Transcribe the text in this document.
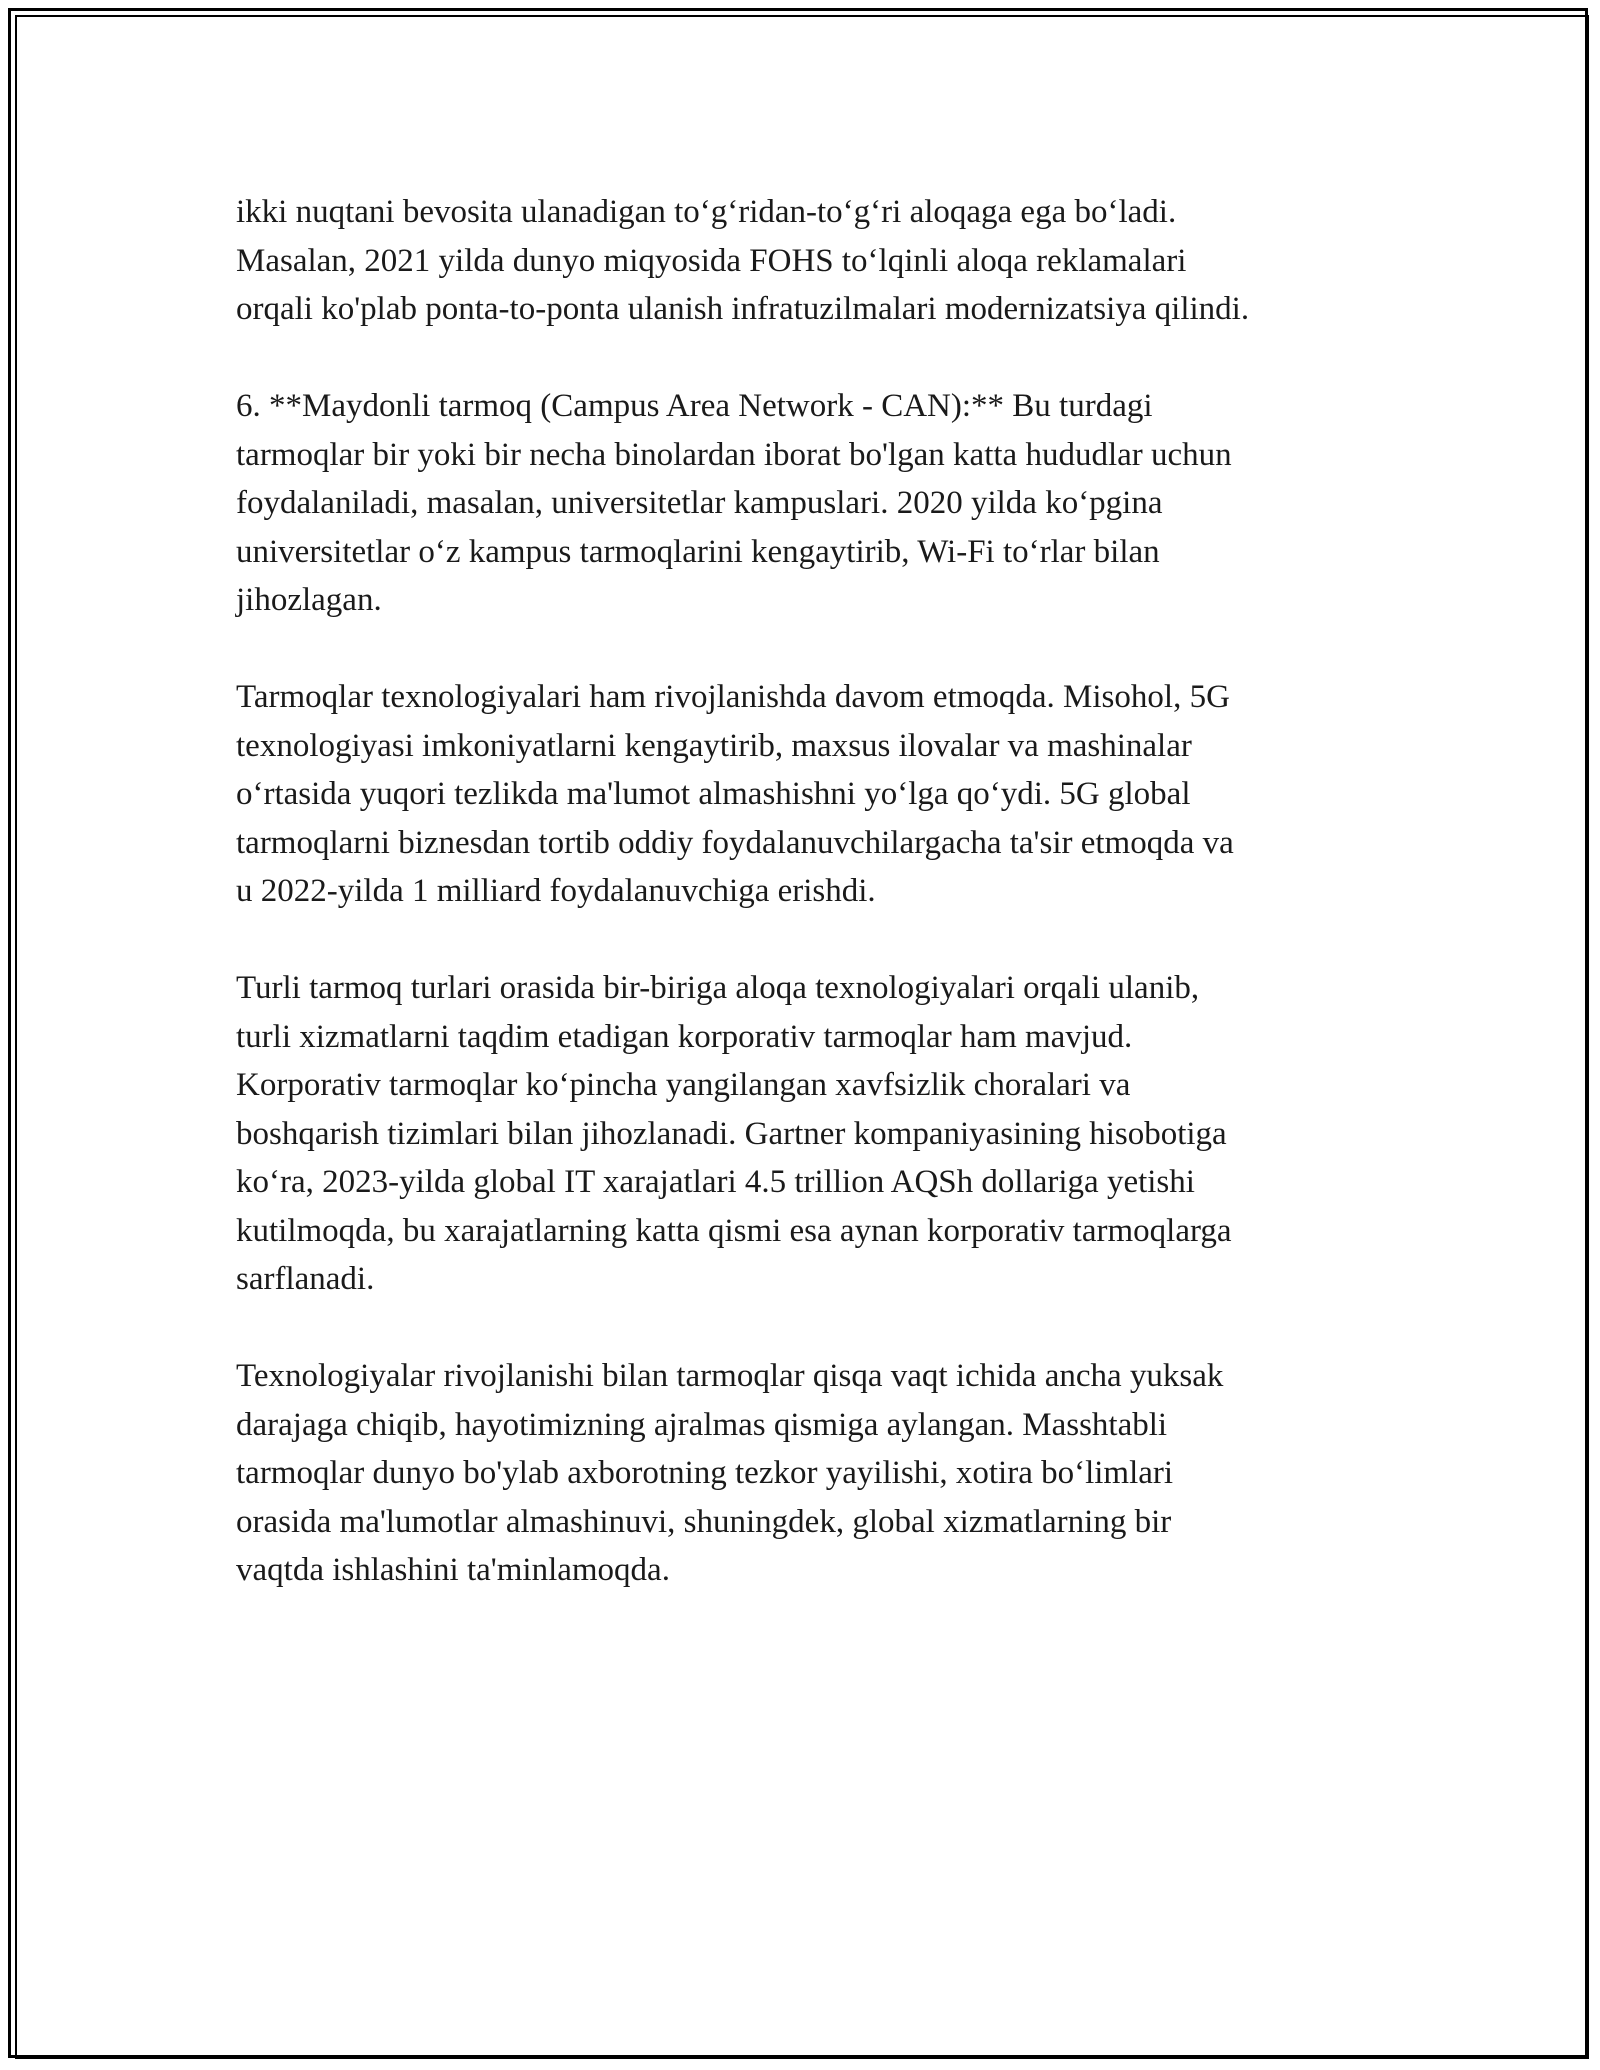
ikki nuqtani bevosita ulanadigan to‘g‘ridan-to‘g‘ri aloqaga ega bo‘ladi.
Masalan, 2021 yilda dunyo miqyosida FOHS to‘lqinli aloqa reklamalari
orqali ko'plab ponta-to-ponta ulanish infratuzilmalari modernizatsiya qilindi.

6. **Maydonli tarmoq (Campus Area Network - CAN):** Bu turdagi
tarmoqlar bir yoki bir necha binolardan iborat bo'lgan katta hududlar uchun
foydalaniladi, masalan, universitetlar kampuslari. 2020 yilda ko‘pgina
universitetlar o‘z kampus tarmoqlarini kengaytirib, Wi-Fi to‘rlar bilan
jihozlagan.

Tarmoqlar texnologiyalari ham rivojlanishda davom etmoqda. Misohol, 5G
texnologiyasi imkoniyatlarni kengaytirib, maxsus ilovalar va mashinalar
o‘rtasida yuqori tezlikda ma'lumot almashishni yo‘lga qo‘ydi. 5G global
tarmoqlarni biznesdan tortib oddiy foydalanuvchilargacha ta'sir etmoqda va
u 2022-yilda 1 milliard foydalanuvchiga erishdi.

Turli tarmoq turlari orasida bir-biriga aloqa texnologiyalari orqali ulanib,
turli xizmatlarni taqdim etadigan korporativ tarmoqlar ham mavjud.
Korporativ tarmoqlar ko‘pincha yangilangan xavfsizlik choralari va
boshqarish tizimlari bilan jihozlanadi. Gartner kompaniyasining hisobotiga
ko‘ra, 2023-yilda global IT xarajatlari 4.5 trillion AQSh dollariga yetishi
kutilmoqda, bu xarajatlarning katta qismi esa aynan korporativ tarmoqlarga
sarflanadi.

Texnologiyalar rivojlanishi bilan tarmoqlar qisqa vaqt ichida ancha yuksak
darajaga chiqib, hayotimizning ajralmas qismiga aylangan. Masshtabli
tarmoqlar dunyo bo'ylab axborotning tezkor yayilishi, xotira bo‘limlari
orasida ma'lumotlar almashinuvi, shuningdek, global xizmatlarning bir
vaqtda ishlashini ta'minlamoqda.
